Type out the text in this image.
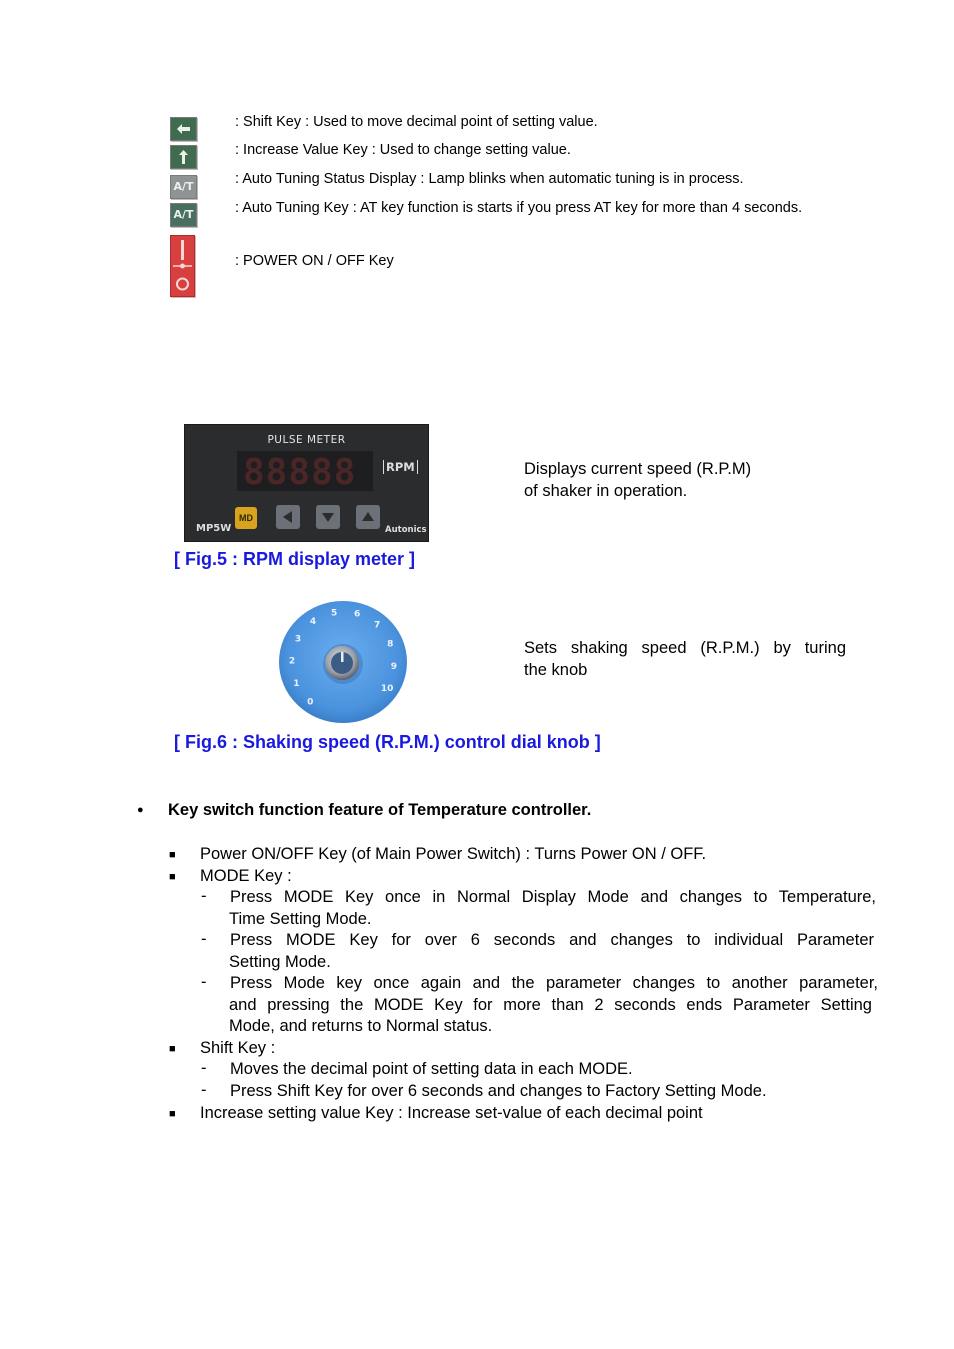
: Shift Key : Used to move decimal point of setting value.
: Increase Value Key : Used to change setting value.
A/T	: Auto Tuning Status Display : Lamp blinks when automatic tuning is in process.
A/T	: Auto Tuning Key : AT key function is starts if you press AT key for more than 4 seconds.
: POWER ON / OFF Key
PULSE METER
88888	RPM
MD
MP5W	Autonics
Displays current speed (R.P.M)
of shaker in operation.
[ Fig.5 : RPM display meter ]
0
1
2
3
4
5 6
7
8
9
10
Sets shaking speed (R.P.M.) by turing
the knob
[ Fig.6 : Shaking speed (R.P.M.) control dial knob ]
● Key switch function feature of Temperature controller.
■ Power ON/OFF Key (of Main Power Switch) : Turns Power ON / OFF.
■ MODE Key :
- Press MODE Key once in Normal Display Mode and changes to Temperature,
Time Setting Mode.
- Press MODE Key for over 6 seconds and changes to individual Parameter
Setting Mode.
- Press Mode key once again and the parameter changes to another parameter,
and pressing the MODE Key for more than 2 seconds ends Parameter Setting
Mode, and returns to Normal status.
■ Shift Key :
- Moves the decimal point of setting data in each MODE.
- Press Shift Key for over 6 seconds and changes to Factory Setting Mode.
■ Increase setting value Key : Increase set-value of each decimal point
